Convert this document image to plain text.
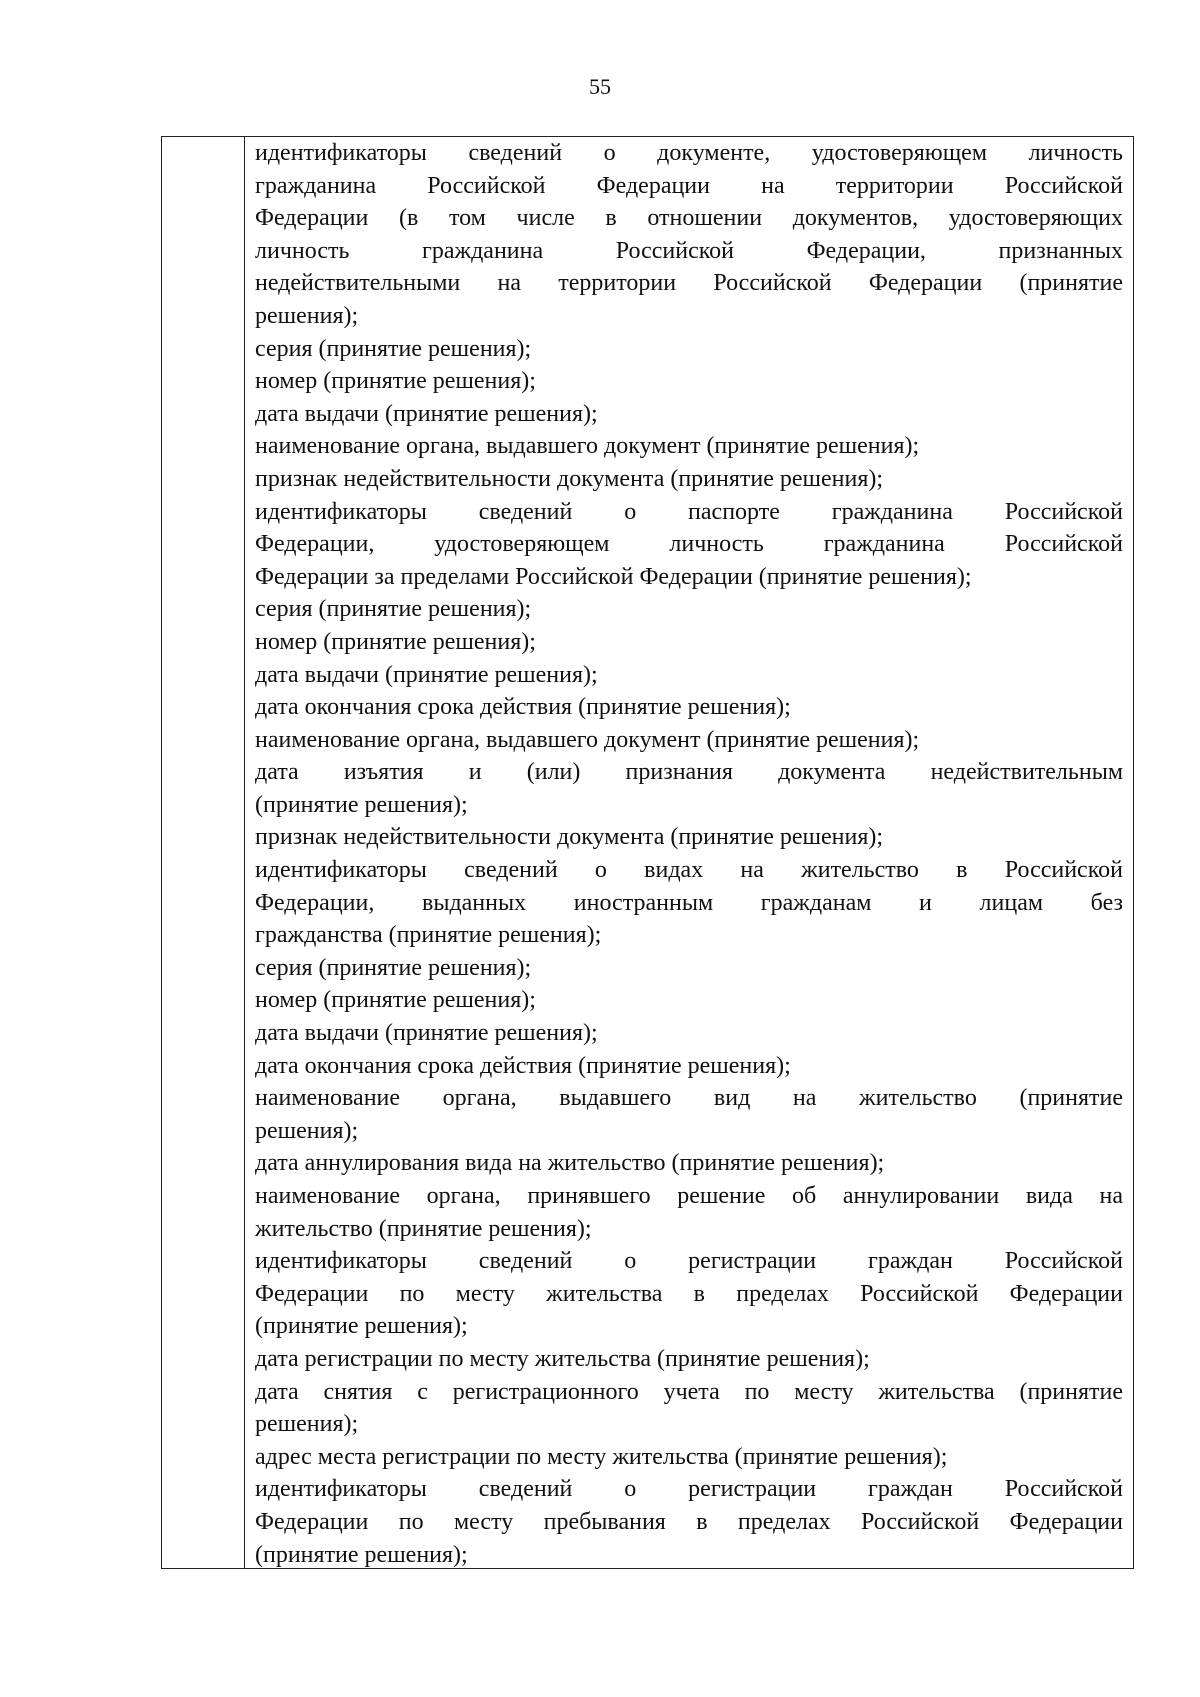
55
идентификаторы сведений о документе, удостоверяющем личность
гражданина Российской Федерации на территории Российской
Федерации (в том числе в отношении документов, удостоверяющих
личность гражданина Российской Федерации, признанных
недействительными на территории Российской Федерации (принятие
решения);
серия (принятие решения);
номер (принятие решения);
дата выдачи (принятие решения);
наименование органа, выдавшего документ (принятие решения);
признак недействительности документа (принятие решения);
идентификаторы сведений о паспорте гражданина Российской
Федерации, удостоверяющем личность гражданина Российской
Федерации за пределами Российской Федерации (принятие решения);
серия (принятие решения);
номер (принятие решения);
дата выдачи (принятие решения);
дата окончания срока действия (принятие решения);
наименование органа, выдавшего документ (принятие решения);
дата изъятия и (или) признания документа недействительным
(принятие решения);
признак недействительности документа (принятие решения);
идентификаторы сведений о видах на жительство в Российской
Федерации, выданных иностранным гражданам и лицам без
гражданства (принятие решения);
серия (принятие решения);
номер (принятие решения);
дата выдачи (принятие решения);
дата окончания срока действия (принятие решения);
наименование органа, выдавшего вид на жительство (принятие
решения);
дата аннулирования вида на жительство (принятие решения);
наименование органа, принявшего решение об аннулировании вида на
жительство (принятие решения);
идентификаторы сведений о регистрации граждан Российской
Федерации по месту жительства в пределах Российской Федерации
(принятие решения);
дата регистрации по месту жительства (принятие решения);
дата снятия с регистрационного учета по месту жительства (принятие
решения);
адрес места регистрации по месту жительства (принятие решения);
идентификаторы сведений о регистрации граждан Российской
Федерации по месту пребывания в пределах Российской Федерации
(принятие решения);
